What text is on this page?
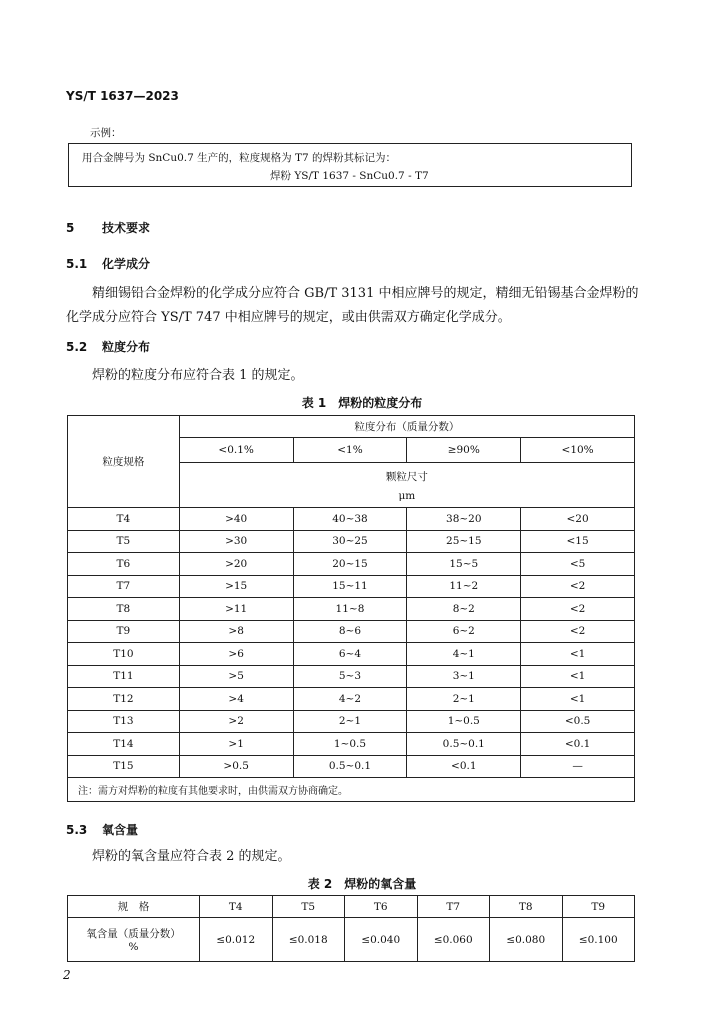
YS/T 1637—2023
示例：
用合金牌号为 SnCu0.7 生产的，粒度规格为 T7 的焊粉其标记为：
焊粉 YS/T 1637 - SnCu0.7 - T7
5 技术要求
5.1 化学成分
精细锡铅合金焊粉的化学成分应符合 GB/T 3131 中相应牌号的规定，精细无铅锡基合金焊粉的化学成分应符合 YS/T 747 中相应牌号的规定，或由供需双方确定化学成分。
5.2 粒度分布
焊粉的粒度分布应符合表 1 的规定。
表 1　焊粉的粒度分布
粒度规格	粒度分布（质量分数）			
	<0.1%	<1%	≥90%	<10%

	颗粒尺寸
μm			

T4	>40	40~38	38~20	<20
T5	>30	30~25	25~15	<15
T6	>20	20~15	15~5	<5
T7	>15	15~11	11~2	<2
T8	>11	11~8	8~2	<2
T9	>8	8~6	6~2	<2
T10	>6	6~4	4~1	<1
T11	>5	5~3	3~1	<1
T12	>4	4~2	2~1	<1
T13	>2	2~1	1~0.5	<0.5
T14	>1	1~0.5	0.5~0.1	<0.1
T15	>0.5	0.5~0.1	<0.1	—
注：需方对焊粉的粒度有其他要求时，由供需双方协商确定。				
5.3 氧含量
焊粉的氧含量应符合表 2 的规定。
表 2　焊粉的氧含量
规　格	T4	T5	T6	T7	T8	T9

氧含量（质量分数）
%	≤0.012	≤0.018	≤0.040	≤0.060	≤0.080	≤0.100
2
